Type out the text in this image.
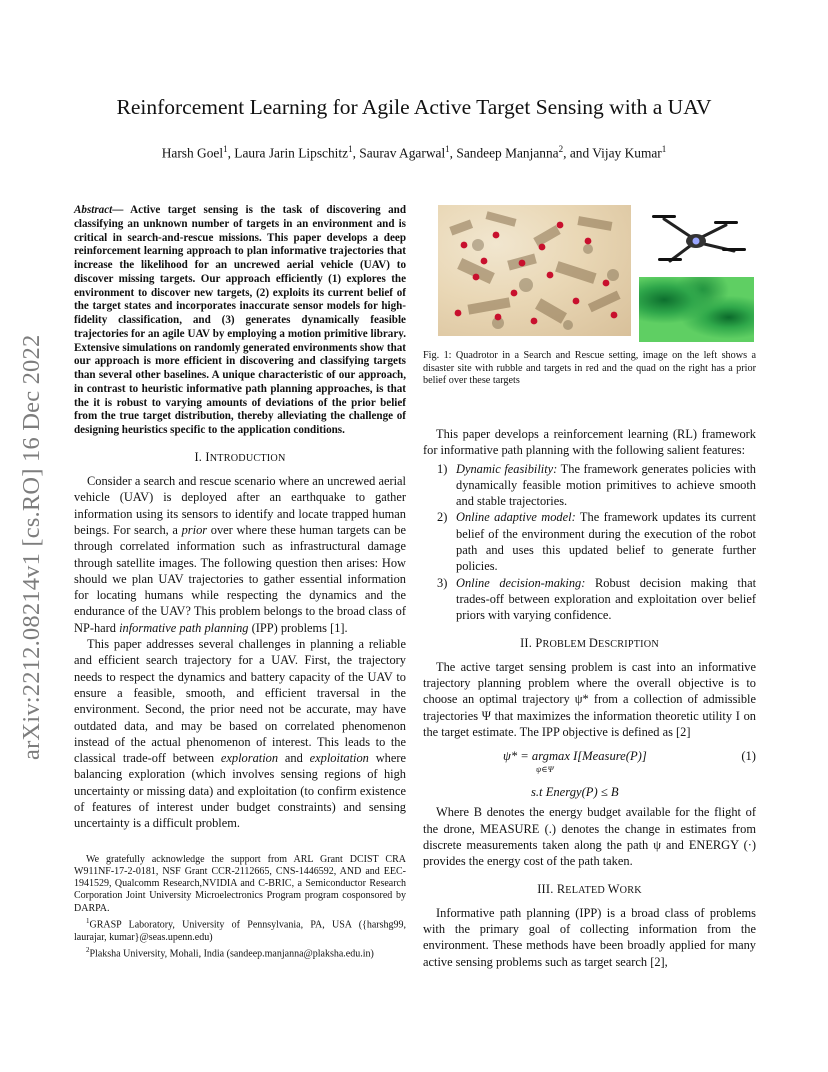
Reinforcement Learning for Agile Active Target Sensing with a UAV
Harsh Goel$^1$, Laura Jarin Lipschitz$^1$, Saurav Agarwal$^1$, Sandeep Manjanna$^2$, and Vijay Kumar$^1$
arXiv:2212.08214v1 [cs.RO] 16 Dec 2022

Abstract— Active target sensing is the task of discovering and classifying an unknown number of targets in an environment and is critical in search-and-rescue missions. This paper develops a deep reinforcement learning approach to plan informative trajectories that increase the likelihood for an uncrewed aerial vehicle (UAV) to discover missing targets. Our approach efficiently (1) explores the environment to discover new targets, (2) exploits its current belief of the target states and incorporates inaccurate sensor models for high-fidelity classification, and (3) generates dynamically feasible trajectories for an agile UAV by employing a motion primitive library. Extensive simulations on randomly generated environments show that our approach is more efficient in discovering and classifying targets than several other baselines. A unique characteristic of our approach, in contrast to heuristic informative path planning approaches, is that the it is robust to varying amounts of deviations of the prior belief from the true target distribution, thereby alleviating the challenge of designing heuristics specific to the application conditions.

I. INTRODUCTION

Consider a search and rescue scenario where an uncrewed aerial vehicle (UAV) is deployed after an earthquake to gather information using its sensors to identify and locate trapped human beings. For search, a prior over where these human targets can be through correlated information such as infrastructural damage through satellite images. The following question then arises: How should we plan UAV trajectories to gather essential information for locating humans while respecting the dynamics and the endurance of the UAV? This problem belongs to the broad class of NP-hard informative path planning (IPP) problems [1].

This paper addresses several challenges in planning a reliable and efficient search trajectory for a UAV. First, the trajectory needs to respect the dynamics and battery capacity of the UAV to ensure a feasible, smooth, and efficient traversal in the environment. Second, the prior need not be accurate, may have outdated data, and may be based on correlated phenomenon instead of the actual phenomenon of interest. This leads to the classical trade-off between exploration and exploitation where balancing exploration (which involves sensing regions of high uncertainty or missing data) and exploitation (to confirm existence of features of interest under budget constraints) and sensing uncertainty is a difficult problem.

We gratefully acknowledge the support from ARL Grant DCIST CRA W911NF-17-2-0181, NSF Grant CCR-2112665, CNS-1446592, AND and EEC-1941529, Qualcomm Research,NVIDIA and C-BRIC, a Semiconductor Research Corporation Joint University Microelectronics Program program cosponsored by DARPA.

$^1$GRASP Laboratory, University of Pennsylvania, PA, USA ({harshg99, laurajar, kumar}@seas.upenn.edu)

$^2$Plaksha University, Mohali, India (sandeep.manjanna@plaksha.edu.in)

Fig. 1: Quadrotor in a Search and Rescue setting, image on the left shows a disaster site with rubble and targets in red and the quad on the right has a prior belief over these targets

This paper develops a reinforcement learning (RL) framework for informative path planning with the following salient features:

1) Dynamic feasibility: The framework generates policies with dynamically feasible motion primitives to achieve smooth and stable trajectories.
2) Online adaptive model: The framework updates its current belief of the environment during the execution of the robot path and uses this updated belief to generate further policies.
3) Online decision-making: Robust decision making that trades-off between exploration and exploitation over belief priors with varying confidence.
II. PROBLEM DESCRIPTION

The active target sensing problem is cast into an informative trajectory planning problem where the overall objective is to choose an optimal trajectory ψ* from a collection of admissible trajectories Ψ that maximizes the information theoretic utility I on the target estimate. The IPP objective is defined as [2]

ψ* = argmax I[Measure(P)]
ψ∈Ψ
(1)
s.t Energy(P) ≤ B

Where B denotes the energy budget available for the flight of the drone, MEASURE (.) denotes the change in estimates from discrete measurements taken along the path ψ and ENERGY (·) provides the energy cost of the path taken.

III. RELATED WORK

Informative path planning (IPP) is a broad class of problems with the primary goal of collecting information from the environment. These methods have been broadly applied for many active sensing problems such as target search [2],
